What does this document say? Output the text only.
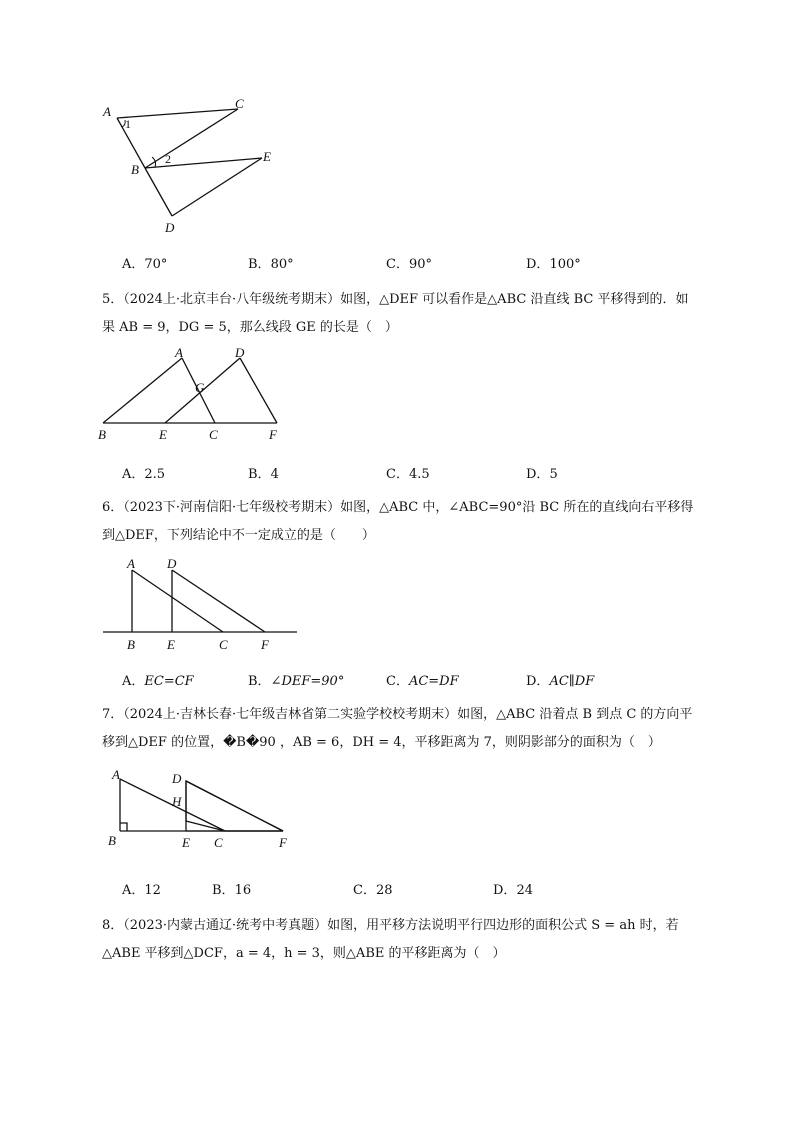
A
1
C
B
2	E
D
A．70°	B．80°	C．90°	D．100°
5．（2024上·北京丰台·八年级统考期末）如图，△DEF 可以看作是△ABC 沿直线 BC 平移得到的．如
果 AB = 9，DG = 5，那么线段 GE 的长是（　）
A	D
G
B	E	C	F
A．2.5	B．4	C．4.5	D．5
6．（2023下·河南信阳·七年级校考期末）如图，△ABC 中，∠ABC=90°沿 BC 所在的直线向右平移得
到△DEF，下列结论中不一定成立的是（　　）
A D
B E	C	F
A．EC=CF	B．∠DEF=90°	C．AC=DF	D．AC∥DF
7．（2024上·吉林长春·七年级吉林省第二实验学校校考期末）如图，△ABC 沿着点 B 到点 C 的方向平
移到△DEF 的位置，�B�90 ，AB = 6，DH = 4，平移距离为 7，则阴影部分的面积为（　）
A	D
H
B	E C	F
A．12	B．16	C．28	D．24
8．（2023·内蒙古通辽·统考中考真题）如图，用平移方法说明平行四边形的面积公式 S = ah 时，若
△ABE 平移到△DCF，a = 4，h = 3，则△ABE 的平移距离为（　）
